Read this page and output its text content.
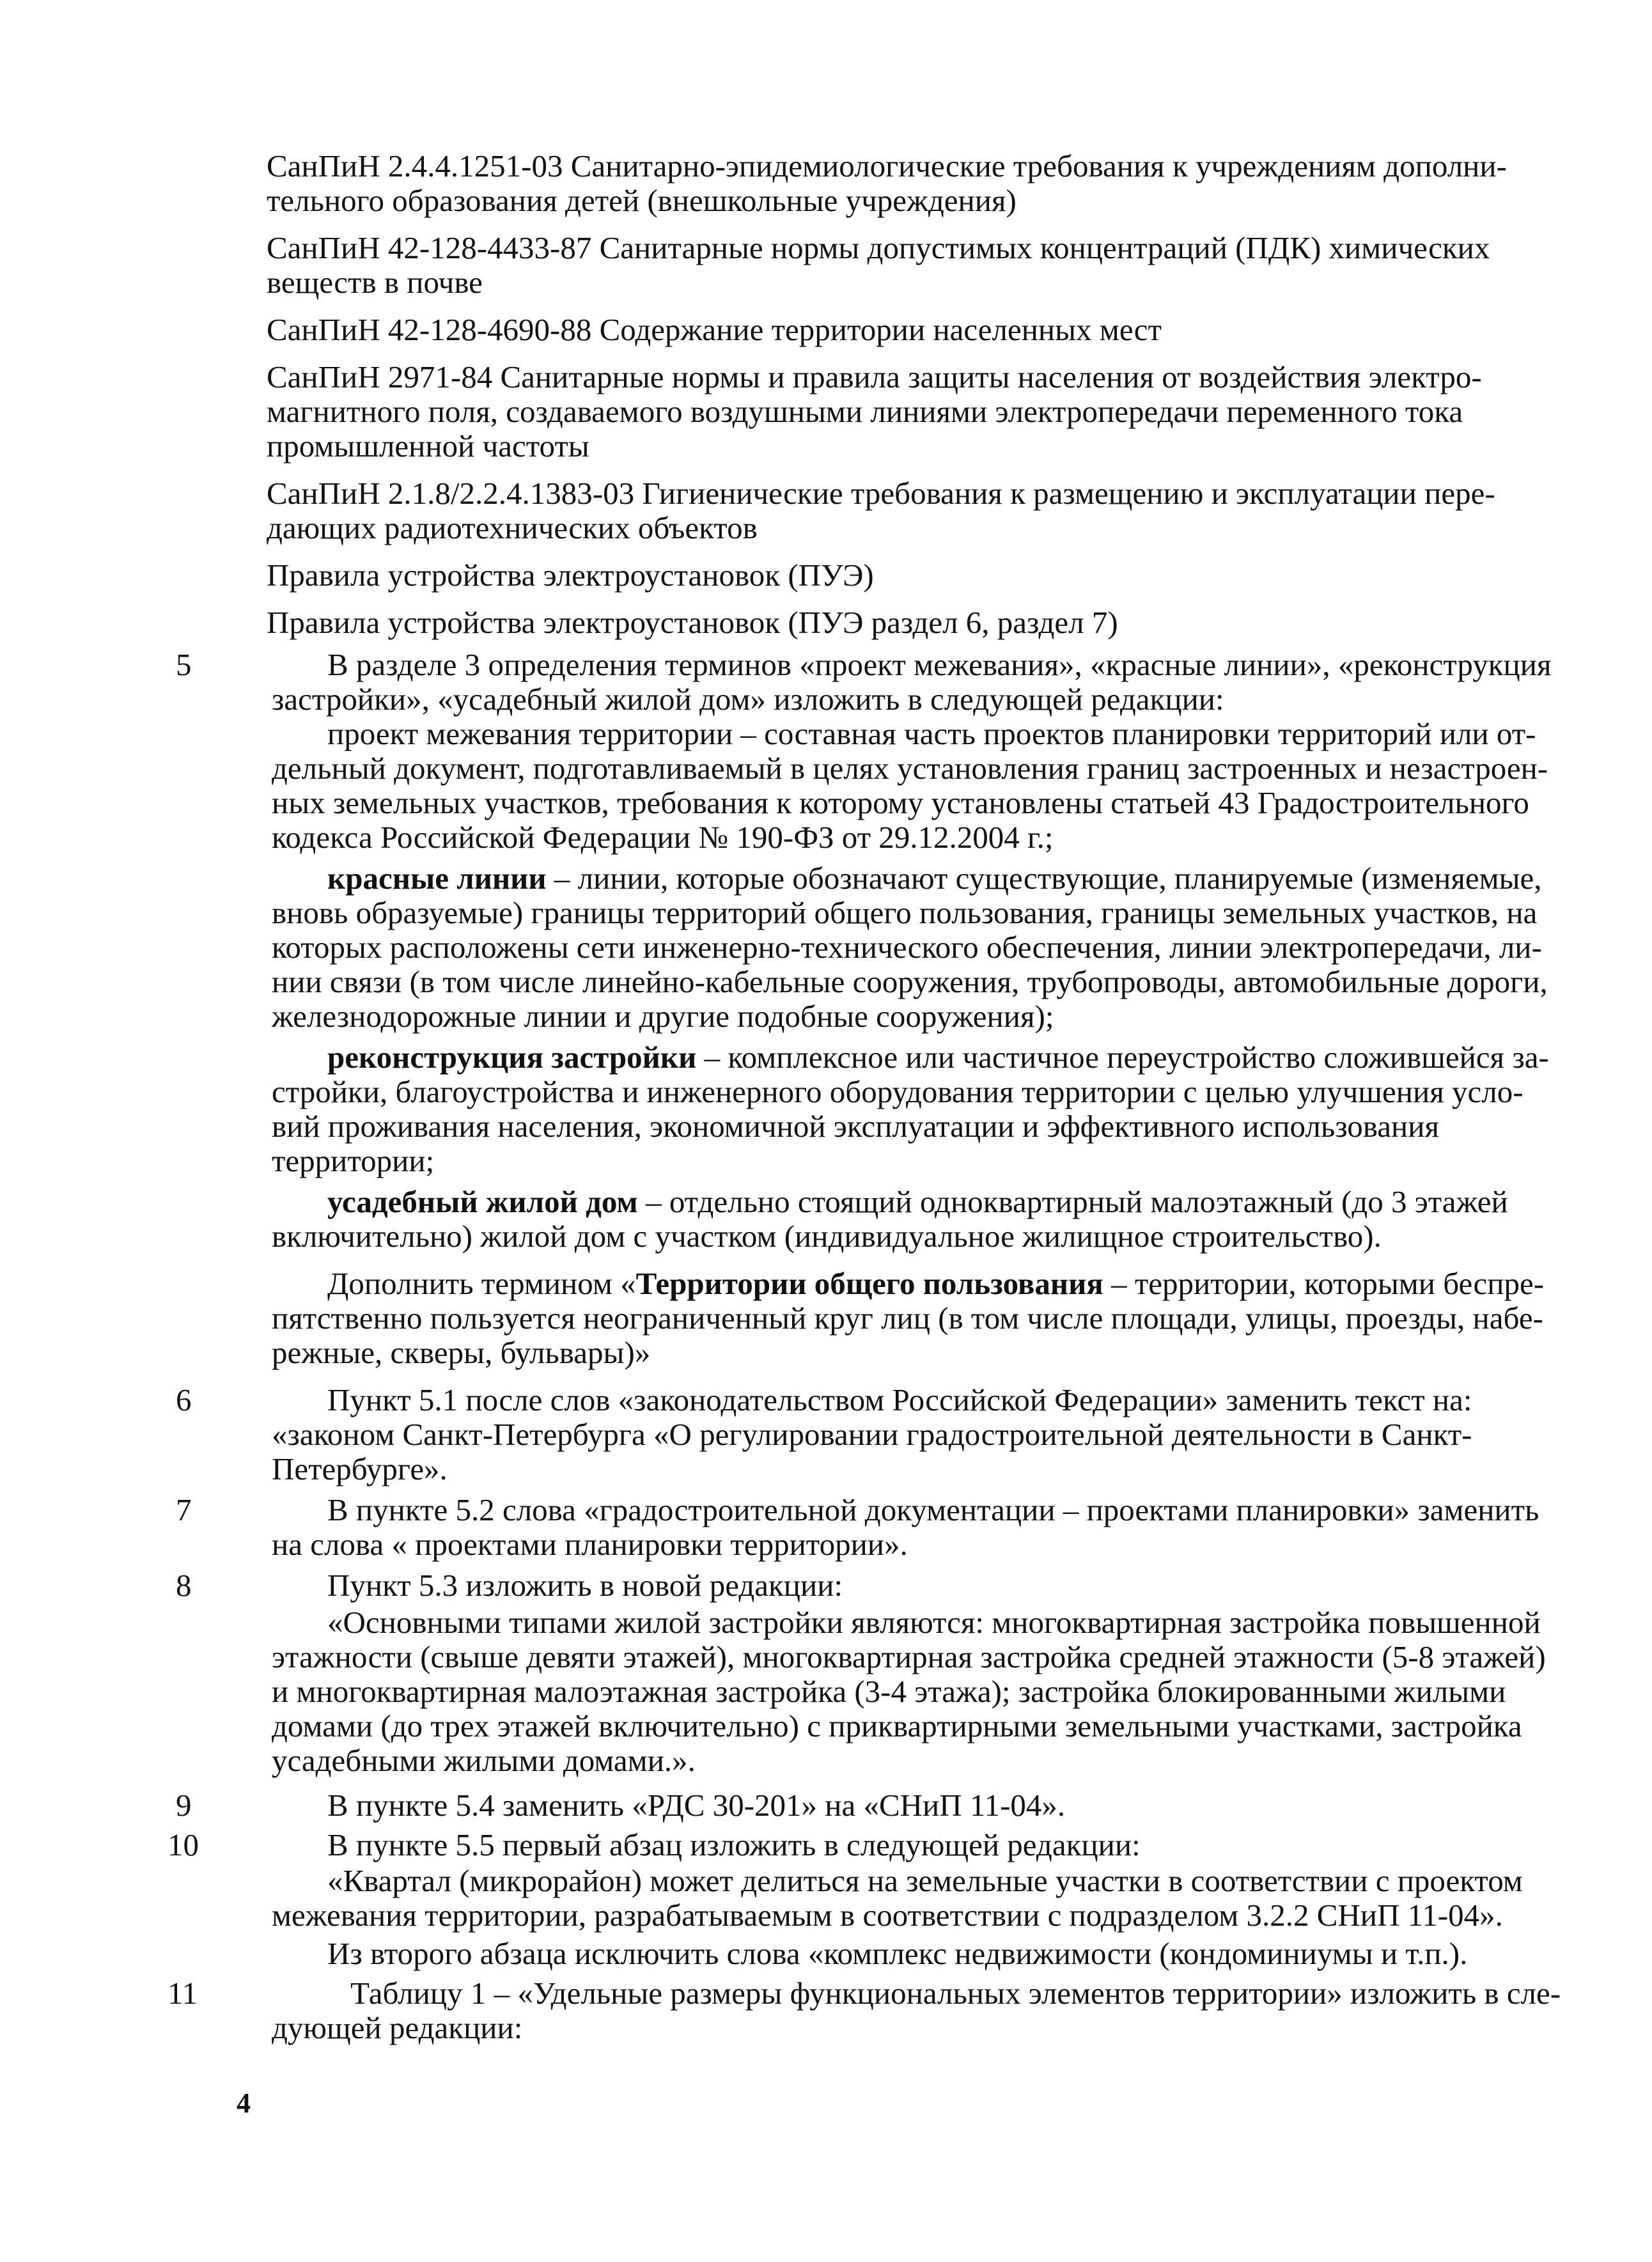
СанПиН 2.4.4.1251-03 Санитарно-эпидемиологические требования к учреждениям дополни-
тельного образования детей (внешкольные учреждения)
СанПиН 42-128-4433-87 Санитарные нормы допустимых концентраций (ПДК) химических
веществ в почве
СанПиН 42-128-4690-88 Содержание территории населенных мест
СанПиН 2971-84 Санитарные нормы и правила защиты населения от воздействия электро-
магнитного поля, создаваемого воздушными линиями электропередачи переменного тока
промышленной частоты
СанПиН 2.1.8/2.2.4.1383-03 Гигиенические требования к размещению и эксплуатации пере-
дающих радиотехнических объектов
Правила устройства электроустановок (ПУЭ)
Правила устройства электроустановок (ПУЭ раздел 6, раздел 7)
5	В разделе 3 определения терминов «проект межевания», «красные линии», «реконструкция
застройки», «усадебный жилой дом» изложить в следующей редакции:
проект межевания территории – составная часть проектов планировки территорий или от-
дельный документ, подготавливаемый в целях установления границ застроенных и незастроен-
ных земельных участков, требования к которому установлены статьей 43 Градостроительного
кодекса Российской Федерации № 190-ФЗ от 29.12.2004 г.;
красные линии – линии, которые обозначают существующие, планируемые (изменяемые,
вновь образуемые) границы территорий общего пользования, границы земельных участков, на
которых расположены сети инженерно-технического обеспечения, линии электропередачи, ли-
нии связи (в том числе линейно-кабельные сооружения, трубопроводы, автомобильные дороги,
железнодорожные линии и другие подобные сооружения);
реконструкция застройки – комплексное или частичное переустройство сложившейся за-
стройки, благоустройства и инженерного оборудования территории с целью улучшения усло-
вий проживания населения, экономичной эксплуатации и эффективного использования
территории;
усадебный жилой дом – отдельно стоящий одноквартирный малоэтажный (до 3 этажей
включительно) жилой дом с участком (индивидуальное жилищное строительство).
Дополнить термином «Территории общего пользования – территории, которыми беспре-
пятственно пользуется неограниченный круг лиц (в том числе площади, улицы, проезды, набе-
режные, скверы, бульвары)»
6	Пункт 5.1 после слов «законодательством Российской Федерации» заменить текст на:
«законом Санкт-Петербурга «О регулировании градостроительной деятельности в Санкт-
Петербурге».
7	В пункте 5.2 слова «градостроительной документации – проектами планировки» заменить
на слова « проектами планировки территории».
8	Пункт 5.3 изложить в новой редакции:
«Основными типами жилой застройки являются: многоквартирная застройка повышенной
этажности (свыше девяти этажей), многоквартирная застройка средней этажности (5-8 этажей)
и многоквартирная малоэтажная застройка (3-4 этажа); застройка блокированными жилыми
домами (до трех этажей включительно) с приквартирными земельными участками, застройка
усадебными жилыми домами.».
9	В пункте 5.4 заменить «РДС 30-201» на «СНиП 11-04».
10	В пункте 5.5 первый абзац изложить в следующей редакции:
«Квартал (микрорайон) может делиться на земельные участки в соответствии с проектом
межевания территории, разрабатываемым в соответствии с подразделом 3.2.2 СНиП 11-04».
Из второго абзаца исключить слова «комплекс недвижимости (кондоминиумы и т.п.).
11	Таблицу 1 – «Удельные размеры функциональных элементов территории» изложить в сле-
дующей редакции:
4
